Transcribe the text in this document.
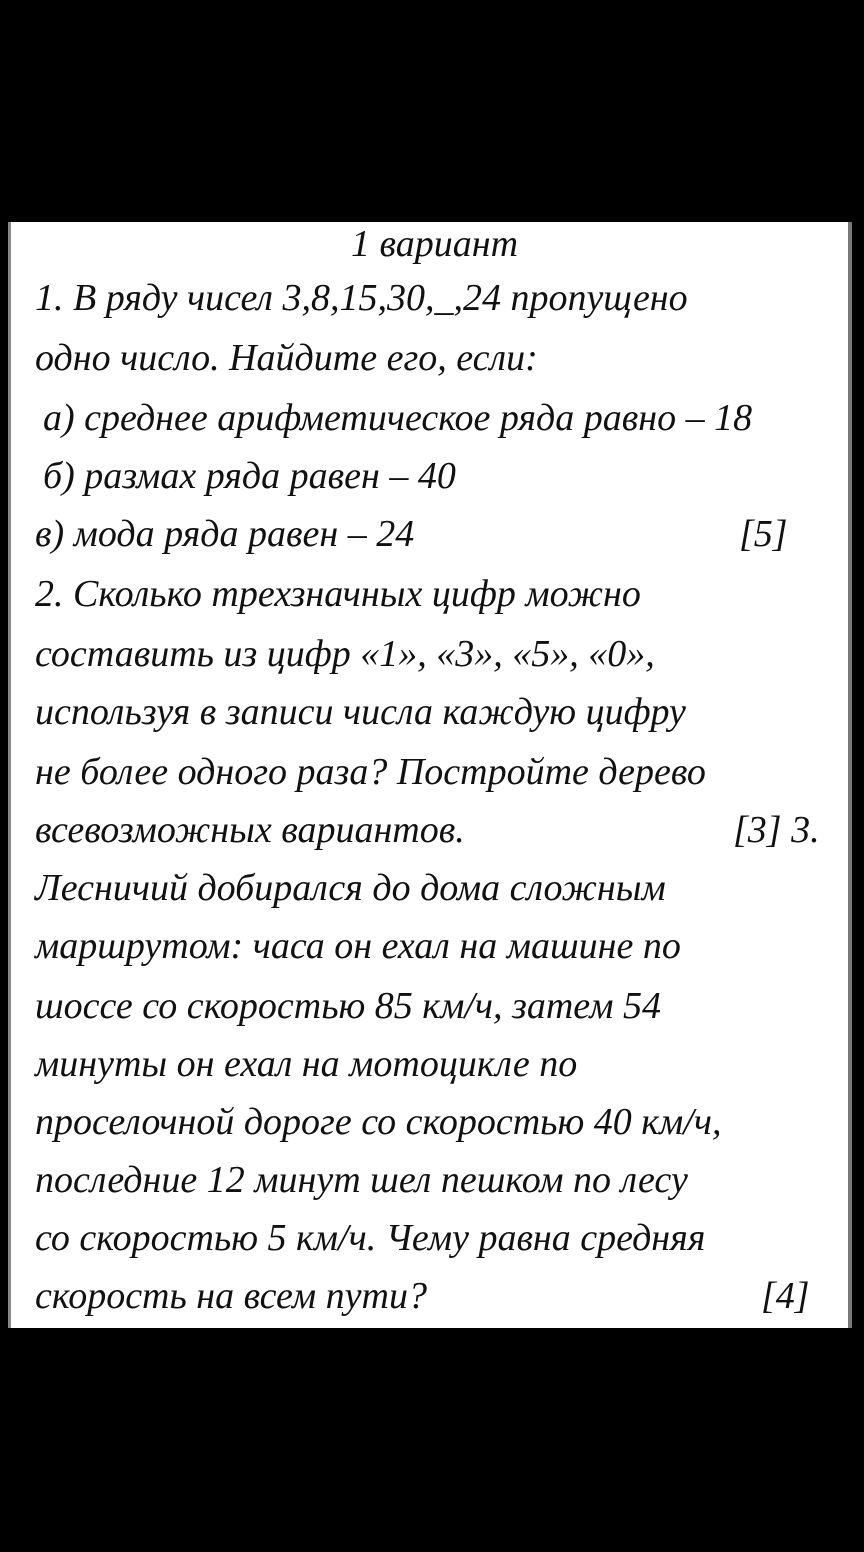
1 вариант
1. В ряду чисел 3,8,15,30,_,24 пропущено
одно число. Найдите его, если:
а) среднее арифметическое ряда равно – 18
б) размах ряда равен – 40
в) мода ряда равен – 24	[5]
2. Сколько трехзначных цифр можно
составить из цифр «1», «3», «5», «0»,
используя в записи числа каждую цифру
не более одного раза? Постройте дерево
всевозможных вариантов.	[3] 3.
Лесничий добирался до дома сложным
маршрутом: часа он ехал на машине по
шоссе со скоростью 85 км/ч, затем 54
минуты он ехал на мотоцикле по
проселочной дороге со скоростью 40 км/ч,
последние 12 минут шел пешком по лесу
со скоростью 5 км/ч. Чему равна средняя
скорость на всем пути?	[4]
